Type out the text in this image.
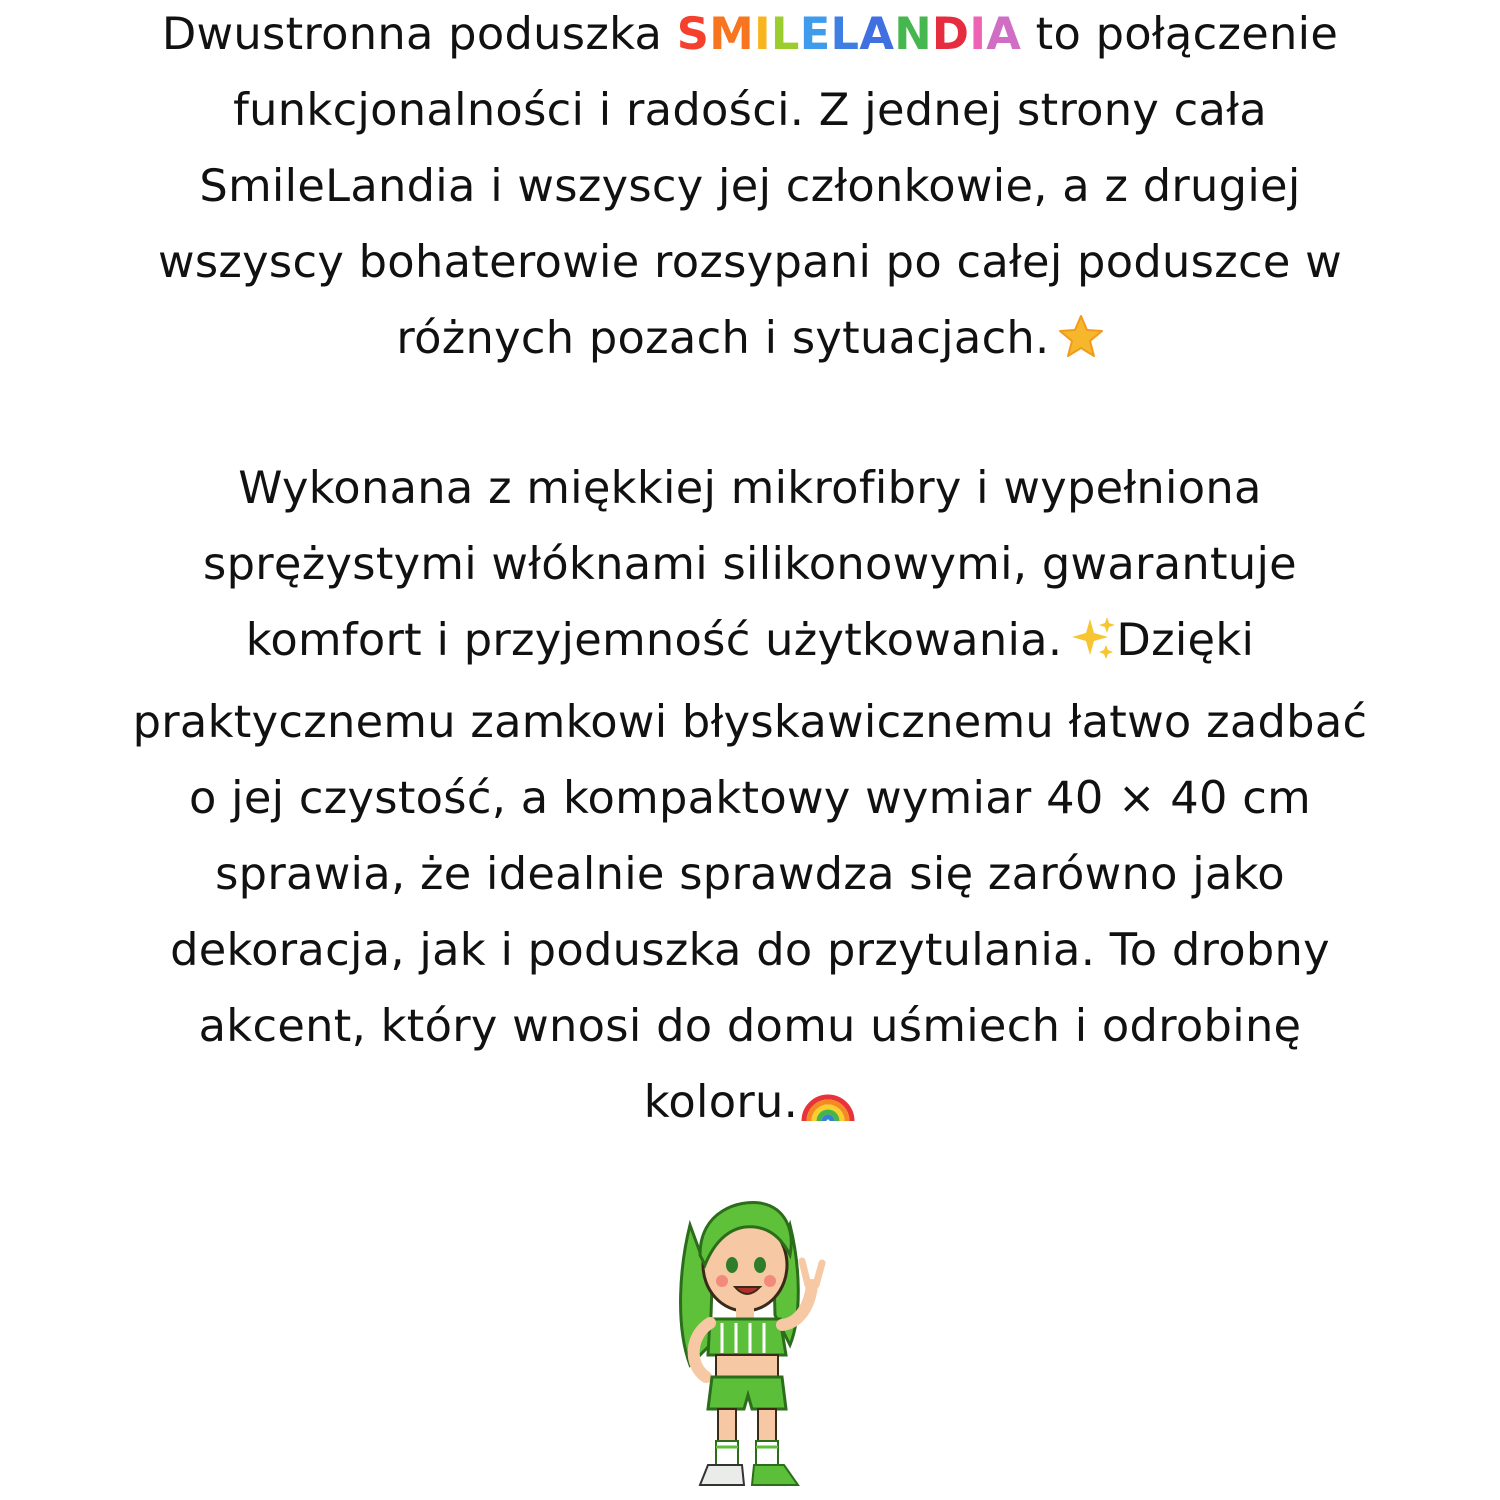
Dwustronna poduszka SMILELANDIA to połączenie
funkcjonalności i radości. Z jednej strony cała
SmileLandia i wszyscy jej członkowie, a z drugiej
wszyscy bohaterowie rozsypani po całej poduszce w
różnych pozach i sytuacjach.
Wykonana z miękkiej mikrofibry i wypełniona
sprężystymi włóknami silikonowymi, gwarantuje
komfort i przyjemność użytkowania. Dzięki
praktycznemu zamkowi błyskawicznemu łatwo zadbać
o jej czystość, a kompaktowy wymiar 40 × 40 cm
sprawia, że idealnie sprawdza się zarówno jako
dekoracja, jak i poduszka do przytulania. To drobny
akcent, który wnosi do domu uśmiech i odrobinę
koloru.
